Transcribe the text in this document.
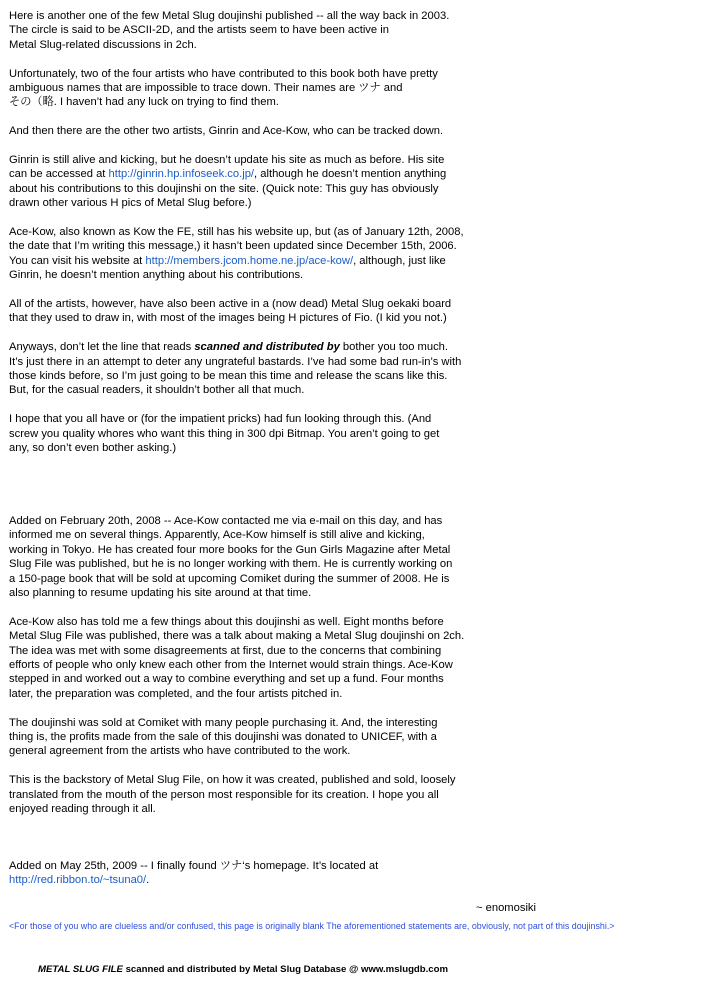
Here is another one of the few Metal Slug doujinshi published -- all the way back in 2003.
The circle is said to be ASCII-2D, and the artists seem to have been active in
Metal Slug-related discussions in 2ch.

Unfortunately, two of the four artists who have contributed to this book both have pretty
ambiguous names that are impossible to trace down. Their names are ツナ and
その（略. I haven’t had any luck on trying to find them.

And then there are the other two artists, Ginrin and Ace-Kow, who can be tracked down.

Ginrin is still alive and kicking, but he doesn’t update his site as much as before. His site
can be accessed at http://ginrin.hp.infoseek.co.jp/, although he doesn’t mention anything
about his contributions to this doujinshi on the site. (Quick note: This guy has obviously
drawn other various H pics of Metal Slug before.)

Ace-Kow, also known as Kow the FE, still has his website up, but (as of January 12th, 2008,
the date that I’m writing this message,) it hasn’t been updated since December 15th, 2006.
You can visit his website at http://members.jcom.home.ne.jp/ace-kow/, although, just like
Ginrin, he doesn’t mention anything about his contributions.

All of the artists, however, have also been active in a (now dead) Metal Slug oekaki board
that they used to draw in, with most of the images being H pictures of Fio. (I kid you not.)

Anyways, don’t let the line that reads scanned and distributed by bother you too much.
It’s just there in an attempt to deter any ungrateful bastards. I’ve had some bad run-in’s with
those kinds before, so I’m just going to be mean this time and release the scans like this.
But, for the casual readers, it shouldn’t bother all that much.

I hope that you all have or (for the impatient pricks) had fun looking through this. (And
screw you quality whores who want this thing in 300 dpi Bitmap. You aren’t going to get
any, so don’t even bother asking.)

Added on February 20th, 2008 -- Ace-Kow contacted me via e-mail on this day, and has
informed me on several things. Apparently, Ace-Kow himself is still alive and kicking,
working in Tokyo. He has created four more books for the Gun Girls Magazine after Metal
Slug File was published, but he is no longer working with them. He is currently working on
a 150-page book that will be sold at upcoming Comiket during the summer of 2008. He is
also planning to resume updating his site around at that time.

Ace-Kow also has told me a few things about this doujinshi as well. Eight months before
Metal Slug File was published, there was a talk about making a Metal Slug doujinshi on 2ch.
The idea was met with some disagreements at first, due to the concerns that combining
efforts of people who only knew each other from the Internet would strain things. Ace-Kow
stepped in and worked out a way to combine everything and set up a fund. Four months
later, the preparation was completed, and the four artists pitched in.

The doujinshi was sold at Comiket with many people purchasing it. And, the interesting
thing is, the profits made from the sale of this doujinshi was donated to UNICEF, with a
general agreement from the artists who have contributed to the work.

This is the backstory of Metal Slug File, on how it was created, published and sold, loosely
translated from the mouth of the person most responsible for its creation. I hope you all
enjoyed reading through it all.

Added on May 25th, 2009 -- I finally found ツナ‘s homepage. It’s located at
http://red.ribbon.to/~tsuna0/.

~ enomosiki
<For those of you who are clueless and/or confused, this page is originally blank The aforementioned statements are, obviously, not part of this doujinshi.>
METAL SLUG FILE scanned and distributed by Metal Slug Database @ www.mslugdb.com
